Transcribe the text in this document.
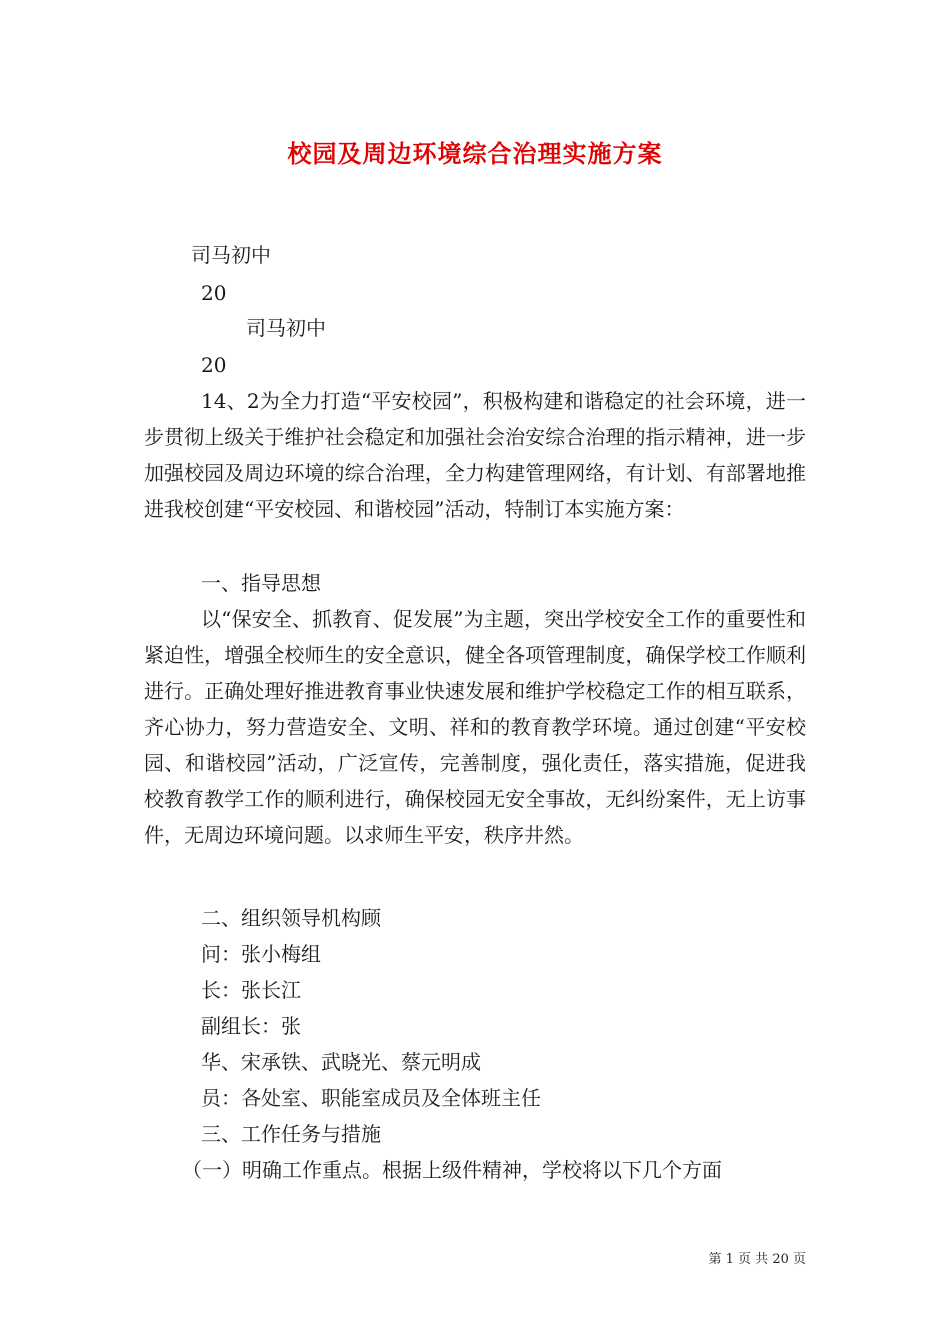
校园及周边环境综合治理实施方案
司马初中
20
司马初中
20

14、2为全力打造“平安校园”，积极构建和谐稳定的社会环境，进一步贯彻上级关于维护社会稳定和加强社会治安综合治理的指示精神，进一步加强校园及周边环境的综合治理，全力构建管理网络，有计划、有部署地推进我校创建“平安校园、和谐校园”活动，特制订本实施方案：

一、指导思想

以“保安全、抓教育、促发展”为主题，突出学校安全工作的重要性和紧迫性，增强全校师生的安全意识，健全各项管理制度，确保学校工作顺利进行。正确处理好推进教育事业快速发展和维护学校稳定工作的相互联系，齐心协力，努力营造安全、文明、祥和的教育教学环境。通过创建“平安校园、和谐校园”活动，广泛宣传，完善制度，强化责任，落实措施，促进我校教育教学工作的顺利进行，确保校园无安全事故，无纠纷案件，无上访事件，无周边环境问题。以求师生平安，秩序井然。

二、组织领导机构顾

问：张小梅组

长：张长江

副组长：张

华、宋承铁、武晓光、蔡元明成

员：各处室、职能室成员及全体班主任

三、工作任务与措施

（一）明确工作重点。根据上级件精神，学校将以下几个方面

第 1 页 共 20 页
